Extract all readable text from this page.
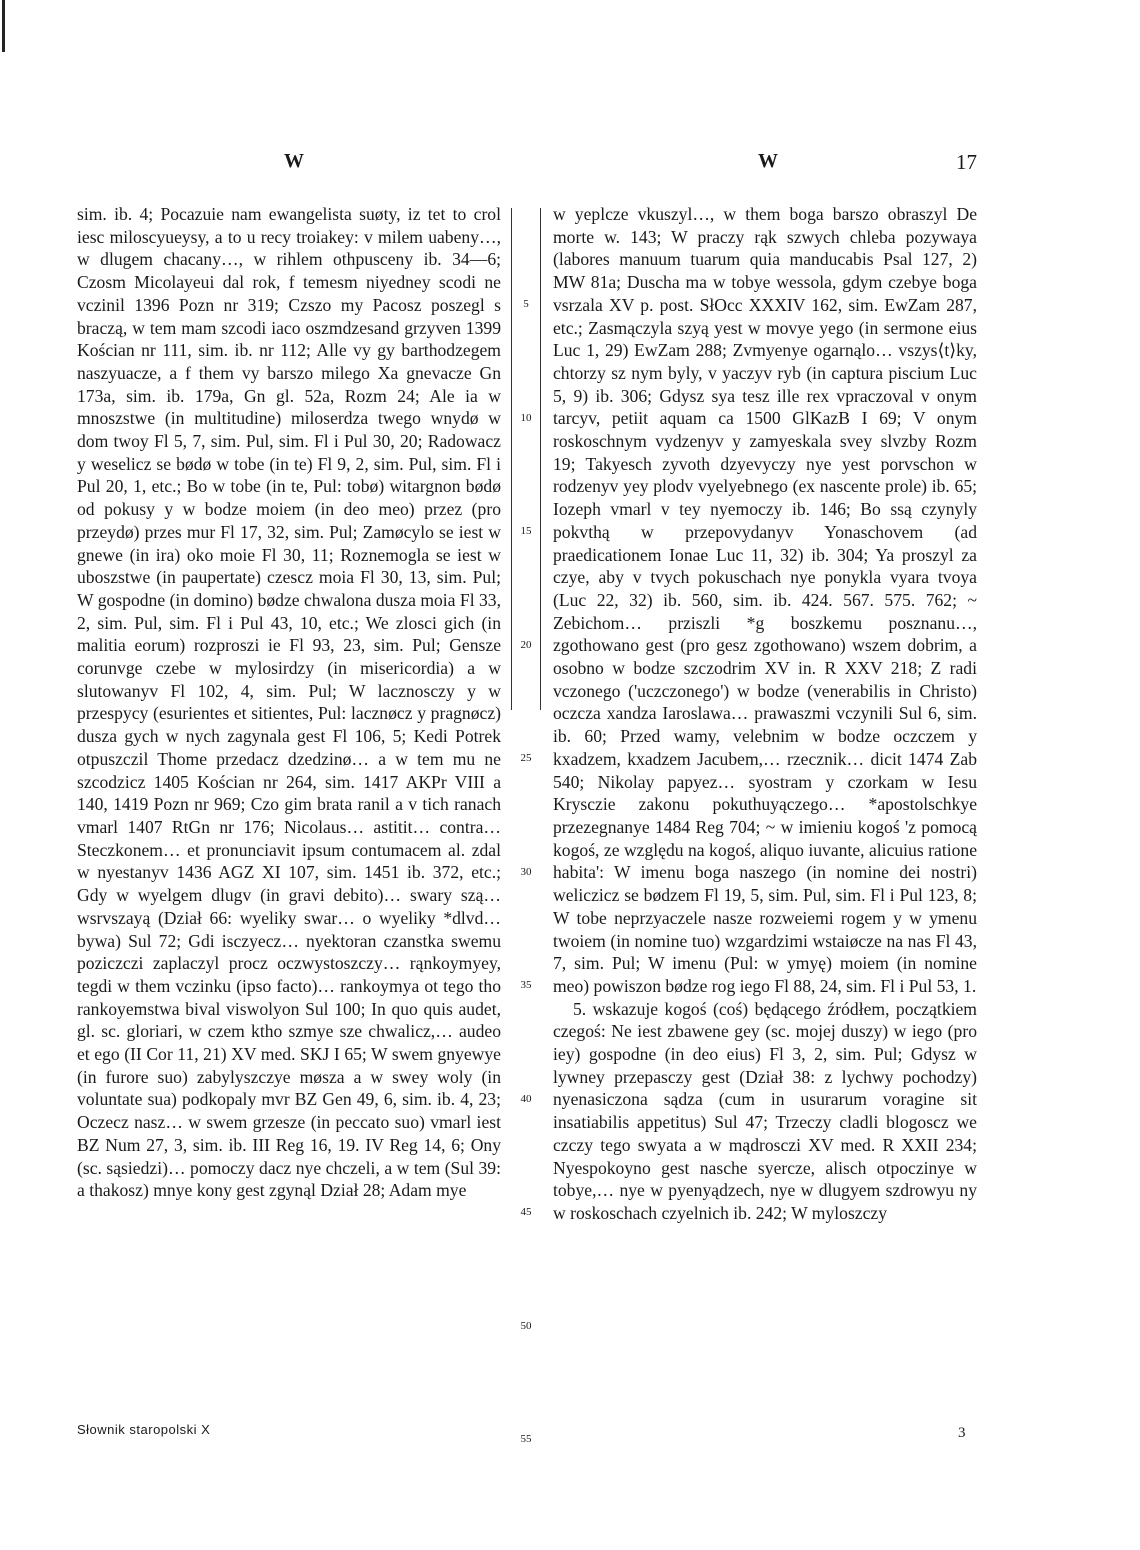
W	W	17

sim. ib. 4; Pocazuie nam ewangelista suøty, iz tet to crol iesc miloscyueysy, a to u recy troiakey: v milem uabeny…, w dlugem chacany…, w rihlem othpusceny ib. 34—6; Czosm Micolayeui dal rok, f temesm niyedney scodi ne vczinil 1396 Pozn nr 319; Czszo my Pacosz poszegl s braczą, w tem mam szcodi iaco oszmdzesand grzyven 1399 Kościan nr 111, sim. ib. nr 112; Alle vy gy barthodzegem naszyuacze, a f them vy barszo milego Xa gnevacze Gn 173a, sim. ib. 179a, Gn gl. 52a, Rozm 24; Ale ia w mnoszstwe (in multitudine) miloserdza twego wnydø w dom twoy Fl 5, 7, sim. Pul, sim. Fl i Pul 30, 20; Radowacz y weselicz se bødø w tobe (in te) Fl 9, 2, sim. Pul, sim. Fl i Pul 20, 1, etc.; Bo w tobe (in te, Pul: tobø) witargnon bødø od pokusy y w bodze moiem (in deo meo) przez (pro przeydø) przes mur Fl 17, 32, sim. Pul; Zamøcylo se iest w gnewe (in ira) oko moie Fl 30, 11; Roznemogla se iest w uboszstwe (in paupertate) czescz moia Fl 30, 13, sim. Pul; W gospodne (in domino) bødze chwalona dusza moia Fl 33, 2, sim. Pul, sim. Fl i Pul 43, 10, etc.; We zlosci gich (in malitia eorum) rozproszi ie Fl 93, 23, sim. Pul; Gensze corunvge czebe w mylosirdzy (in misericordia) a w slutowanyv Fl 102, 4, sim. Pul; W lacznosczy y w przespycy (esurientes et sitientes, Pul: lacznøcz y pragnøcz) dusza gych w nych zagynala gest Fl 106, 5; Kedi Potrek otpuszczil Thome przedacz dzedzinø… a w tem mu ne szcodzicz 1405 Kościan nr 264, sim. 1417 AKPr VIII a 140, 1419 Pozn nr 969; Czo gim brata ranil a v tich ranach vmarl 1407 RtGn nr 176; Nicolaus… astitit… contra… Steczkonem… et pronunciavit ipsum contumacem al. zdal w nyestanyv 1436 AGZ XI 107, sim. 1451 ib. 372, etc.; Gdy w wyelgem dlugv (in gravi debito)… swary szą… wsrvszayą (Dział 66: wyeliky swar… o wyeliky *dlvd… bywa) Sul 72; Gdi isczyecz… nyektoran czanstka swemu poziczczi zaplaczyl procz oczwystoszczy… rąnkoymyey, tegdi w them vczinku (ipso facto)… rankoymya ot tego tho rankoyemstwa bival viswolyon Sul 100; In quo quis audet, gl. sc. gloriari, w czem ktho szmye sze chwalicz,… audeo et ego (II Cor 11, 21) XV med. SKJ I 65; W swem gnyewye (in furore suo) zabylyszczye møsza a w swey woly (in voluntate sua) podkopaly mvr BZ Gen 49, 6, sim. ib. 4, 23; Oczecz nasz… w swem grzesze (in peccato suo) vmarl iest BZ Num 27, 3, sim. ib. III Reg 16, 19. IV Reg 14, 6; Ony (sc. sąsiedzi)… pomoczy dacz nye chczeli, a w tem (Sul 39: a thakosz) mnye kony gest zgynąl Dział 28; Adam mye

5
10
15
20
25
30
35
40
45
50
55

w yeplcze vkuszyl…, w them boga barszo obraszyl De morte w. 143; W praczy rąk szwych chleba pozywaya (labores manuum tuarum quia manducabis Psal 127, 2) MW 81a; Duscha ma w tobye wessola, gdym czebye boga vsrzala XV p. post. SłOcc XXXIV 162, sim. EwZam 287, etc.; Zasmączyla szyą yest w movye yego (in sermone eius Luc 1, 29) EwZam 288; Zvmyenye ogarnąlo… vszys⟨t⟩ky, chtorzy sz nym byly, v yaczyv ryb (in captura piscium Luc 5, 9) ib. 306; Gdysz sya tesz ille rex vpraczoval v onym tarcyv, petiit aquam ca 1500 GlKazB I 69; V onym roskoschnym vydzenyv y zamyeskala svey slvzby Rozm 19; Takyesch zyvoth dzyevyczy nye yest porvschon w rodzenyv yey plodv vyelyebnego (ex nascente prole) ib. 65; Iozeph vmarl v tey nyemoczy ib. 146; Bo ssą czynyly pokvthą w przepovydanyv Yonaschovem (ad praedicationem Ionae Luc 11, 32) ib. 304; Ya proszyl za czye, aby v tvych pokuschach nye ponykla vyara tvoya (Luc 22, 32) ib. 560, sim. ib. 424. 567. 575. 762; ~ Zebichom… prziszli *g boszkemu posznanu…, zgothowano gest (pro gesz zgothowano) wszem dobrim, a osobno w bodze szczodrim XV in. R XXV 218; Z radi vczonego ('uczczonego') w bodze (venerabilis in Christo) oczcza xandza Iaroslawa… prawaszmi vczynili Sul 6, sim. ib. 60; Przed wamy, velebnim w bodze oczczem y kxadzem, kxadzem Jacubem,… rzecznik… dicit 1474 Zab 540; Nikolay papyez… syostram y czorkam w Iesu Krysczie zakonu pokuthuyączego… *apostolschkye przezegnanye 1484 Reg 704; ~ w imieniu kogoś 'z pomocą kogoś, ze względu na kogoś, aliquo iuvante, alicuius ratione habita': W imenu boga naszego (in nomine dei nostri) weliczicz se bødzem Fl 19, 5, sim. Pul, sim. Fl i Pul 123, 8; W tobe neprzyaczele nasze rozweiemi rogem y w ymenu twoiem (in nomine tuo) wzgardzimi wstaiøcze na nas Fl 43, 7, sim. Pul; W imenu (Pul: w ymyę) moiem (in nomine meo) powiszon bødze rog iego Fl 88, 24, sim. Fl i Pul 53, 1.

5. wskazuje kogoś (coś) będącego źródłem, początkiem czegoś: Ne iest zbawene gey (sc. mojej duszy) w iego (pro iey) gospodne (in deo eius) Fl 3, 2, sim. Pul; Gdysz w lywney przepasczy gest (Dział 38: z lychwy pochodzy) nyenasiczona sądza (cum in usurarum voragine sit insatiabilis appetitus) Sul 47; Trzeczy cladli blogoscz we czczy tego swyata a w mądrosczi XV med. R XXII 234; Nyespokoyno gest nasche syercze, alisch otpoczinye w tobye,… nye w pyenyądzech, nye w dlugyem szdrowyu ny w roskoschach czyelnich ib. 242; W myloszczy

Słownik staropolski X	3
